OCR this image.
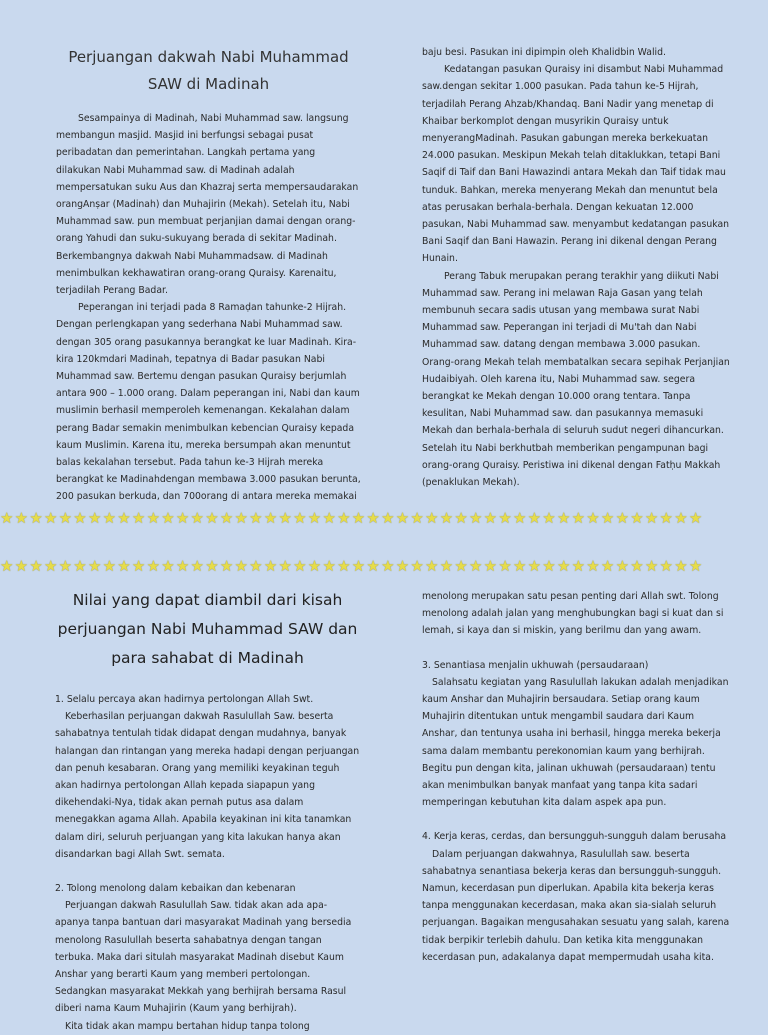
Perjuangan dakwah Nabi Muhammad
SAW di Madinah

Sesampainya di Madinah, Nabi Muhammad saw. langsung membangun masjid. Masjid ini berfungsi sebagai pusat peribadatan dan pemerintahan. Langkah pertama yang dilakukan Nabi Muhammad saw. di Madinah adalah mempersatukan suku Aus dan Khazraj serta mempersaudarakan orangAnṣar (Madinah) dan Muhajirin (Mekah). Setelah itu, Nabi Muhammad saw. pun membuat perjanjian damai dengan orang-orang Yahudi dan suku-sukuyang berada di sekitar Madinah. Berkembangnya dakwah Nabi Muhammadsaw. di Madinah menimbulkan kekhawatiran orang-orang Quraisy. Karenaitu, terjadilah Perang Badar.

Peperangan ini terjadi pada 8 Ramaḍan tahunke-2 Hijrah. Dengan perlengkapan yang sederhana Nabi Muhammad saw. dengan 305 orang pasukannya berangkat ke luar Madinah. Kira-kira 120kmdari Madinah, tepatnya di Badar pasukan Nabi Muhammad saw. Bertemu dengan pasukan Quraisy berjumlah antara 900 – 1.000 orang. Dalam peperangan ini, Nabi dan kaum muslimin berhasil memperoleh kemenangan. Kekalahan dalam perang Badar semakin menimbulkan kebencian Quraisy kepada kaum Muslimin. Karena itu, mereka bersumpah akan menuntut balas kekalahan tersebut. Pada tahun ke-3 Hijrah mereka berangkat ke Madinahdengan membawa 3.000 pasukan berunta, 200 pasukan berkuda, dan 700orang di antara mereka memakai

baju besi. Pasukan ini dipimpin oleh Khalidbin Walid.

Kedatangan pasukan Quraisy ini disambut Nabi Muhammad saw.dengan sekitar 1.000 pasukan. Pada tahun ke-5 Hijrah, terjadilah Perang Ahzab/Khandaq. Bani Nadir yang menetap di Khaibar berkomplot dengan musyrikin Quraisy untuk menyerangMadinah. Pasukan gabungan mereka berkekuatan 24.000 pasukan. Meskipun Mekah telah ditaklukkan, tetapi Bani Saqif di Taif dan Bani Hawazindi antara Mekah dan Taif tidak mau tunduk. Bahkan, mereka menyerang Mekah dan menuntut bela atas perusakan berhala-berhala. Dengan kekuatan 12.000 pasukan, Nabi Muhammad saw. menyambut kedatangan pasukan Bani Saqif dan Bani Hawazin. Perang ini dikenal dengan Perang Hunain.

Perang Tabuk merupakan perang terakhir yang diikuti Nabi Muhammad saw. Perang ini melawan Raja Gasan yang telah membunuh secara sadis utusan yang membawa surat Nabi Muhammad saw. Peperangan ini terjadi di Mu'tah dan Nabi Muhammad saw. datang dengan membawa 3.000 pasukan. Orang-orang Mekah telah membatalkan secara sepihak Perjanjian Hudaibiyah. Oleh karena itu, Nabi Muhammad saw. segera berangkat ke Mekah dengan 10.000 orang tentara. Tanpa kesulitan, Nabi Muhammad saw. dan pasukannya memasuki Mekah dan berhala-berhala di seluruh sudut negeri dihancurkan. Setelah itu Nabi berkhutbah memberikan pengampunan bagi orang-orang Quraisy. Peristiwa ini dikenal dengan Fatḥu Makkah (penaklukan Mekah).

★★★★★★★★★★★★★★★★★★★★★★★★★★★★★★★★★★★★★★★★★★★★★★★★
★★★★★★★★★★★★★★★★★★★★★★★★★★★★★★★★★★★★★★★★★★★★★★★★
Nilai yang dapat diambil dari kisah
perjuangan Nabi Muhammad SAW dan
para sahabat di Madinah

1. Selalu percaya akan hadirnya pertolongan Allah Swt.

Keberhasilan perjuangan dakwah Rasulullah Saw. beserta sahabatnya tentulah tidak didapat dengan mudahnya, banyak halangan dan rintangan yang mereka hadapi dengan perjuangan dan penuh kesabaran. Orang yang memiliki keyakinan teguh akan hadirnya pertolongan Allah kepada siapapun yang dikehendaki-Nya, tidak akan pernah putus asa dalam menegakkan agama Allah. Apabila keyakinan ini kita tanamkan dalam diri, seluruh perjuangan yang kita lakukan hanya akan disandarkan bagi Allah Swt. semata.

2. Tolong menolong dalam kebaikan dan kebenaran

Perjuangan dakwah Rasulullah Saw. tidak akan ada apa-apanya tanpa bantuan dari masyarakat Madinah yang bersedia menolong Rasulullah beserta sahabatnya dengan tangan terbuka. Maka dari situlah masyarakat Madinah disebut Kaum Anshar yang berarti Kaum yang memberi pertolongan. Sedangkan masyarakat Mekkah yang berhijrah bersama Rasul diberi nama Kaum Muhajirin (Kaum yang berhijrah).

Kita tidak akan mampu bertahan hidup tanpa tolong

menolong merupakan satu pesan penting dari Allah swt. Tolong menolong adalah jalan yang menghubungkan bagi si kuat dan si lemah, si kaya dan si miskin, yang berilmu dan yang awam.

3. Senantiasa menjalin ukhuwah (persaudaraan)

Salahsatu kegiatan yang Rasulullah lakukan adalah menjadikan kaum Anshar dan Muhajirin bersaudara. Setiap orang kaum Muhajirin ditentukan untuk mengambil saudara dari Kaum Anshar, dan tentunya usaha ini berhasil, hingga mereka bekerja sama dalam membantu perekonomian kaum yang berhijrah. Begitu pun dengan kita, jalinan ukhuwah (persaudaraan) tentu akan menimbulkan banyak manfaat yang tanpa kita sadari memperingan kebutuhan kita dalam aspek apa pun.

4. Kerja keras, cerdas, dan bersungguh-sungguh dalam berusaha

Dalam perjuangan dakwahnya, Rasulullah saw. beserta sahabatnya senantiasa bekerja keras dan bersungguh-sungguh. Namun, kecerdasan pun diperlukan. Apabila kita bekerja keras tanpa menggunakan kecerdasan, maka akan sia-sialah seluruh perjuangan. Bagaikan mengusahakan sesuatu yang salah, karena tidak berpikir terlebih dahulu. Dan ketika kita menggunakan kecerdasan pun, adakalanya dapat mempermudah usaha kita.
